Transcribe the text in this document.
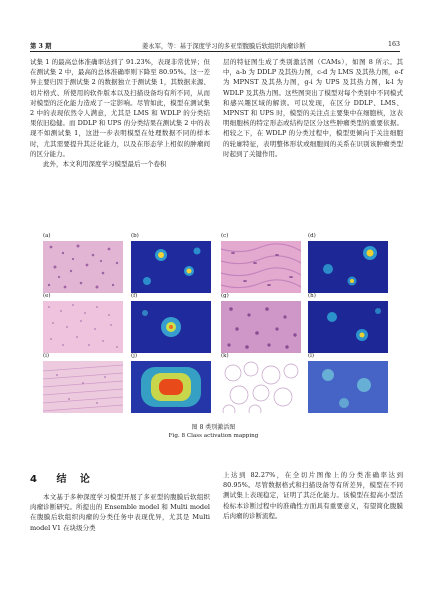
第 3 期	姜永军，等：基于深度学习的多亚型腹膜后软组织肉瘤诊断	163

试集 1 的最高总体准确率达到了 91.23%，表现非常优异；但在测试集 2 中，最高的总体准确率则下降至 80.95%。这一差异主要归因于测试集 2 的数据独立于测试集 1，其数据来源、切片格式、所使用的软件版本以及扫描设备均有所不同，从而对模型的泛化能力造成了一定影响。尽管如此，模型在测试集 2 中的表现依然令人满意，尤其是 LMS 和 WDLP 的分类结果依旧稳健。而 DDLP 和 UPS 的分类结果在测试集 2 中的表现不如测试集 1，这进一步表明模型在处理数据不同的样本时，尤其需要提升其泛化能力，以及在形态学上相似的肿瘤间的区分能力。

此外，本文利用深度学习模型最后一个卷积

层的特征图生成了类别激活图（CAMs），如图 8 所示。其中，a-b 为 DDLP 及其热力图，c-d 为 LMS 及其热力图，e-f 为 MPNST 及其热力图，g-i 为 UPS 及其热力图，k-l 为 WDLP 及其热力图。这些图突出了模型对每个类别中不同模式和感兴趣区域的解读。可以发现，在区分 DDLP、LMS、MPNST 和 UPS 时，模型的关注点主要集中在细胞核，这表明细胞核的特定形态或结构是区分这些肿瘤类型的重要依据。相较之下，在 WDLP 的分类过程中，模型更倾向于关注细胞的轮廓特征，表明整体形状或细胞间的关系在识别该肿瘤类型时起到了关键作用。

(a)	(b)	(c)	(d)
(e)	(f)	(g)	(h)
(i)	(j)	(k)	(l)
图 8 类别激活图
Fig. 8 Class activation mapping
4 结 论

本文基于多种深度学习模型开展了多亚型的腹膜后软组织肉瘤诊断研究。所提出的 Ensemble model 和 Multi model 在腹膜后软组织肉瘤的分类任务中表现优异，尤其是 Multi model V1 在块级分类

上达到 82.27%，在全切片图像上的分类准确率达到 80.95%。尽管数据格式和扫描设备等有所差异，模型在不同测试集上表现稳定，证明了其泛化能力。该模型在提高小型活检标本诊断过程中的准确性方面具有重要意义，有望简化腹膜后肉瘤的诊断流程。
